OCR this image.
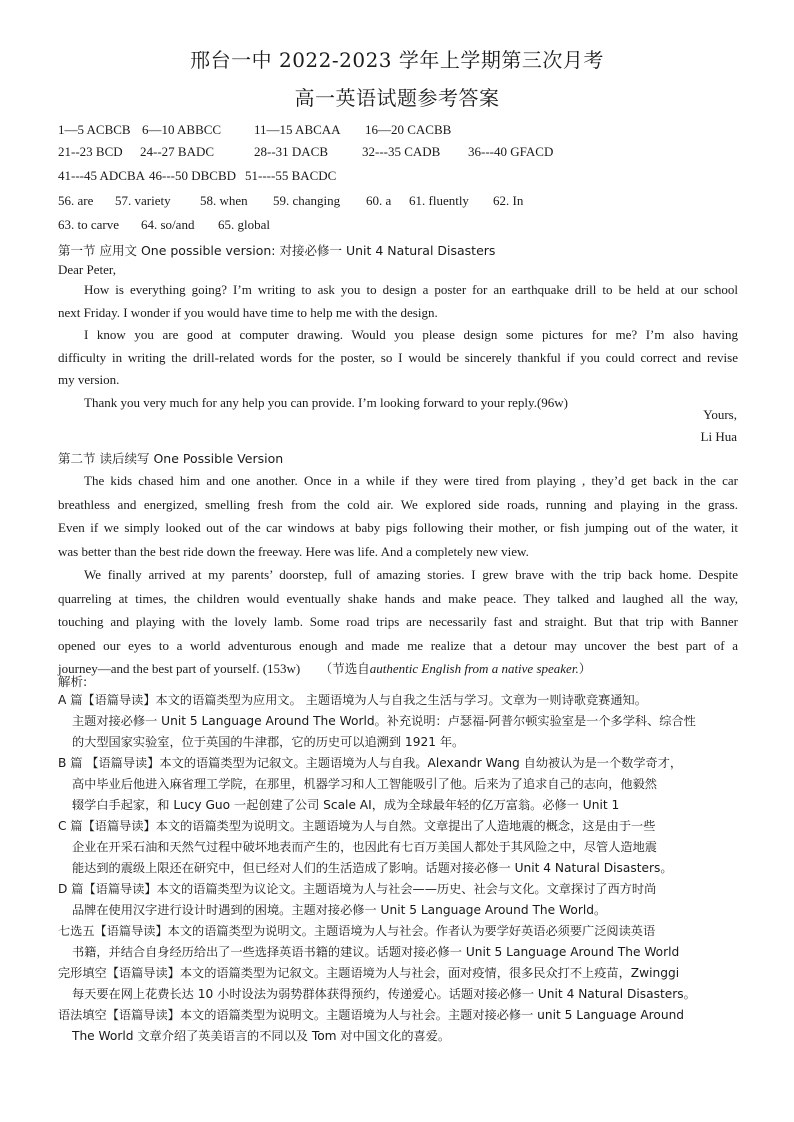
邢台一中 2022-2023 学年上学期第三次月考
高一英语试题参考答案
1—5 ACBCB 6—10 ABBCC	11—15 ABCAA 16—20 CACBB
21--23 BCD 24--27 BADC	28--31 DACB	32---35 CADB 36---40 GFACD
41---45 ADCBA 46---50 DBCBD 51----55 BACDC
56. are 57. variety 58. when 59. changing 60. a 61. fluently 62. In
63. to carve 64. so/and 65. global
第一节 应用文 One possible version: 对接必修一 Unit 4 Natural Disasters
Dear Peter,
How is everything going? I’m writing to ask you to design a poster for an earthquake drill to be held at our school
next Friday. I wonder if you would have time to help me with the design.
I know you are good at computer drawing. Would you please design some pictures for me? I’m also having
difficulty in writing the drill-related words for the poster, so I would be sincerely thankful if you could correct and revise
my version.
Thank you very much for any help you can provide. I’m looking forward to your reply.(96w)
Yours,
Li Hua
第二节 读后续写 One Possible Version
The kids chased him and one another. Once in a while if they were tired from playing , they’d get back in the car
breathless and energized, smelling fresh from the cold air. We explored side roads, running and playing in the grass.
Even if we simply looked out of the car windows at baby pigs following their mother, or fish jumping out of the water, it
was better than the best ride down the freeway. Here was life. And a completely new view.
We finally arrived at my parents’ doorstep, full of amazing stories. I grew brave with the trip back home. Despite
quarreling at times, the children would eventually shake hands and make peace. They talked and laughed all the way,
touching and playing with the lovely lamb. Some road trips are necessarily fast and straight. But that trip with Banner
opened our eyes to a world adventurous enough and made me realize that a detour may uncover the best part of a
journey—and the best part of yourself. (153w) （节选自authentic English from a native speaker.）
解析:
A 篇【语篇导读】本文的语篇类型为应用文。 主题语境为人与自我之生活与学习。文章为一则诗歌竞赛通知。
主题对接必修一 Unit 5 Language Around The World。补充说明：卢瑟福-阿普尔顿实验室是一个多学科、综合性
的大型国家实验室，位于英国的牛津郡，它的历史可以追溯到 1921 年。
B 篇 【语篇导读】本文的语篇类型为记叙文。主题语境为人与自我。Alexandr Wang 自幼被认为是一个数学奇才，
高中毕业后他进入麻省理工学院，在那里，机器学习和人工智能吸引了他。后来为了追求自己的志向，他毅然
辍学白手起家，和 Lucy Guo 一起创建了公司 Scale AI，成为全球最年轻的亿万富翁。必修一 Unit 1
C 篇【语篇导读】本文的语篇类型为说明文。主题语境为人与自然。文章提出了人造地震的概念，这是由于一些
企业在开采石油和天然气过程中破坏地表而产生的，也因此有七百万美国人都处于其风险之中，尽管人造地震
能达到的震级上限还在研究中，但已经对人们的生活造成了影响。话题对接必修一 Unit 4 Natural Disasters。
D 篇【语篇导读】本文的语篇类型为议论文。主题语境为人与社会——历史、社会与文化。文章探讨了西方时尚
品牌在使用汉字进行设计时遇到的困境。主题对接必修一 Unit 5 Language Around The World。
七选五【语篇导读】本文的语篇类型为说明文。主题语境为人与社会。作者认为要学好英语必须要广泛阅读英语
书籍，并结合自身经历给出了一些选择英语书籍的建议。话题对接必修一 Unit 5 Language Around The World
完形填空【语篇导读】本文的语篇类型为记叙文。主题语境为人与社会，面对疫情，很多民众打不上疫苗，Zwinggi
每天要在网上花费长达 10 小时设法为弱势群体获得预约，传递爱心。话题对接必修一 Unit 4 Natural Disasters。
语法填空【语篇导读】本文的语篇类型为说明文。主题语境为人与社会。主题对接必修一 unit 5 Language Around
The World 文章介绍了英美语言的不同以及 Tom 对中国文化的喜爱。
